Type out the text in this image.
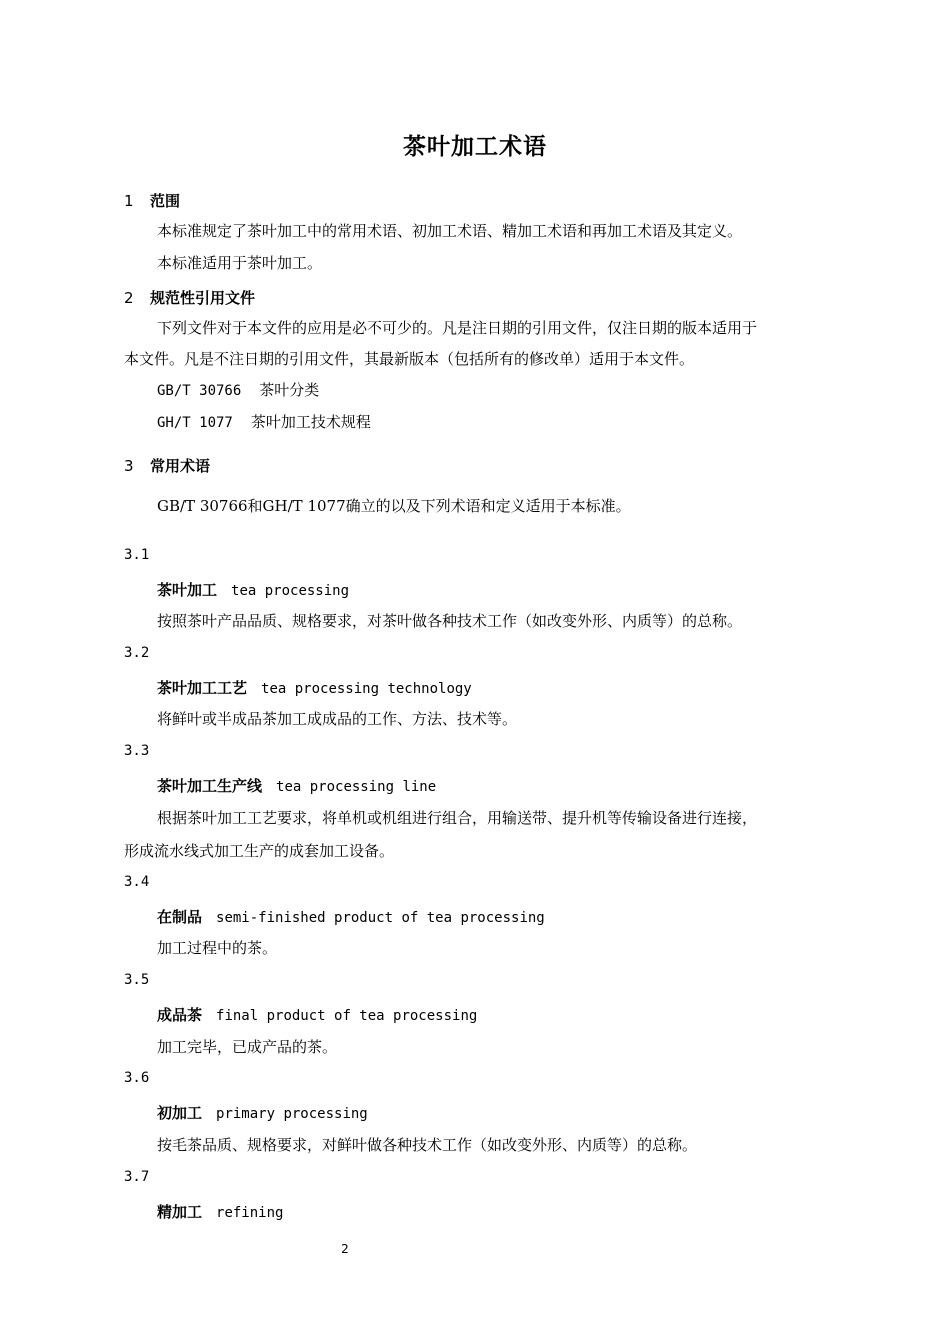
茶叶加工术语
1 范围
本标准规定了茶叶加工中的常用术语、初加工术语、精加工术语和再加工术语及其定义。
本标准适用于茶叶加工。
2 规范性引用文件
下列文件对于本文件的应用是必不可少的。凡是注日期的引用文件，仅注日期的版本适用于
本文件。凡是不注日期的引用文件，其最新版本（包括所有的修改单）适用于本文件。
GB/T 30766 茶叶分类
GH/T 1077 茶叶加工技术规程
3 常用术语
GB/T 30766和GH/T 1077确立的以及下列术语和定义适用于本标准。
3.1
茶叶加工 tea processing
按照茶叶产品品质、规格要求，对茶叶做各种技术工作（如改变外形、内质等）的总称。
3.2
茶叶加工工艺 tea processing technology
将鲜叶或半成品茶加工成成品的工作、方法、技术等。
3.3
茶叶加工生产线 tea processing line
根据茶叶加工工艺要求，将单机或机组进行组合，用输送带、提升机等传输设备进行连接，
形成流水线式加工生产的成套加工设备。
3.4
在制品 semi-finished product of tea processing
加工过程中的茶。
3.5
成品茶 final product of tea processing
加工完毕，已成产品的茶。
3.6
初加工 primary processing
按毛茶品质、规格要求，对鲜叶做各种技术工作（如改变外形、内质等）的总称。
3.7
精加工 refining
2
